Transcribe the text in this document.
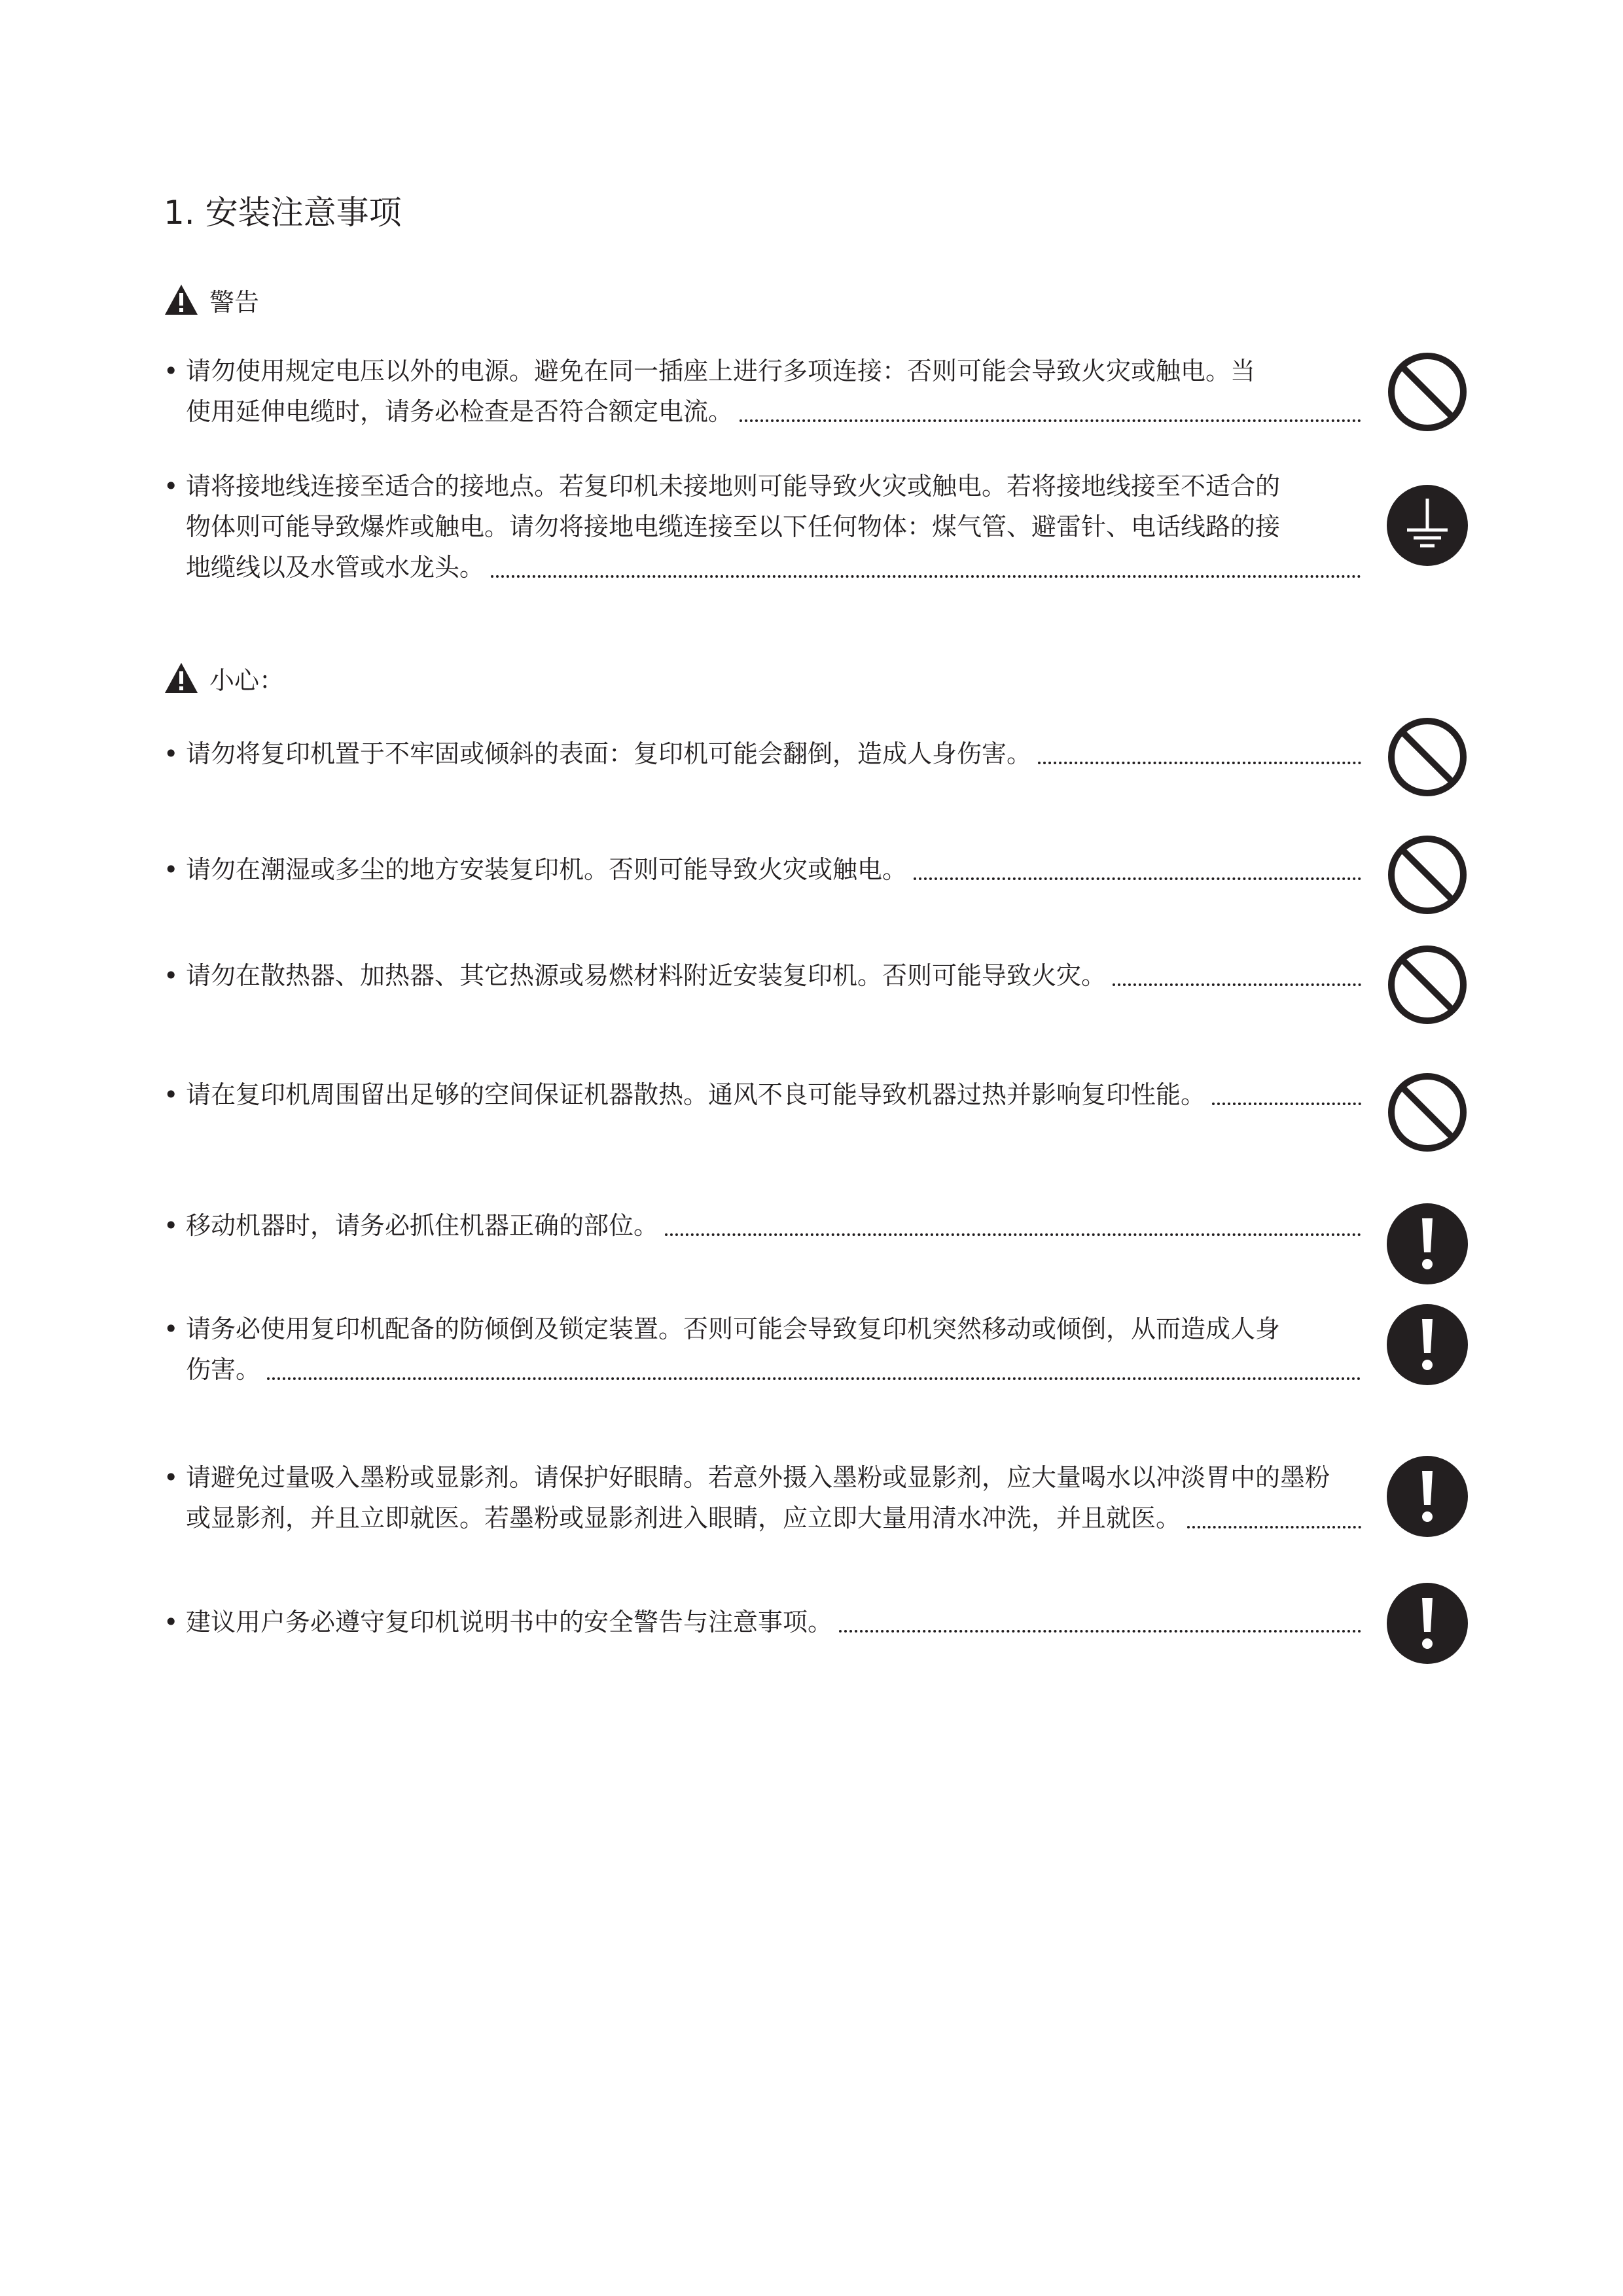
1. 安装注意事项
警告
• 请勿使用规定电压以外的电源。避免在同一插座上进行多项连接：否则可能会导致火灾或触电。当
使用延伸电缆时，请务必检查是否符合额定电流。
• 请将接地线连接至适合的接地点。若复印机未接地则可能导致火灾或触电。若将接地线接至不适合的
物体则可能导致爆炸或触电。请勿将接地电缆连接至以下任何物体：煤气管、避雷针、电话线路的接
地缆线以及水管或水龙头。
小心：
• 请勿将复印机置于不牢固或倾斜的表面：复印机可能会翻倒，造成人身伤害。
• 请勿在潮湿或多尘的地方安装复印机。否则可能导致火灾或触电。
• 请勿在散热器、加热器、其它热源或易燃材料附近安装复印机。否则可能导致火灾。
• 请在复印机周围留出足够的空间保证机器散热。通风不良可能导致机器过热并影响复印性能。
• 移动机器时，请务必抓住机器正确的部位。
• 请务必使用复印机配备的防倾倒及锁定装置。否则可能会导致复印机突然移动或倾倒，从而造成人身
伤害。
• 请避免过量吸入墨粉或显影剂。请保护好眼睛。若意外摄入墨粉或显影剂，应大量喝水以冲淡胃中的墨粉
或显影剂，并且立即就医。若墨粉或显影剂进入眼睛，应立即大量用清水冲洗，并且就医。
• 建议用户务必遵守复印机说明书中的安全警告与注意事项。
